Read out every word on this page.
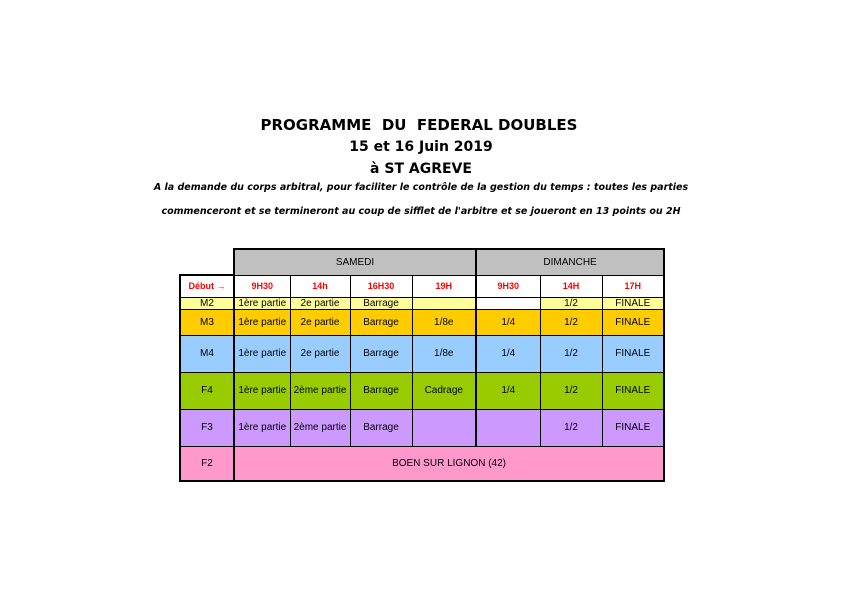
PROGRAMME  DU  FEDERAL DOUBLES
15 et 16 Juin 2019
à ST AGREVE
A la demande du corps arbitral, pour faciliter le contrôle de la gestion du temps : toutes les parties
commenceront et se termineront au coup de sifflet de l'arbitre et se joueront en 13 points ou 2H
	SAMEDI				DIMANCHE		
Début →	9H30	14h	16H30	19H	9H30	14H	17H
M2	1ère partie	2e partie	Barrage			1/2	FINALE
M3	1ère partie	2e partie	Barrage	1/8e	1/4	1/2	FINALE
M4	1ère partie	2e partie	Barrage	1/8e	1/4	1/2	FINALE
F4	1ère partie	2ème partie	Barrage	Cadrage	1/4	1/2	FINALE
F3	1ère partie	2ème partie	Barrage			1/2	FINALE
F2	BOEN SUR LIGNON (42)						
